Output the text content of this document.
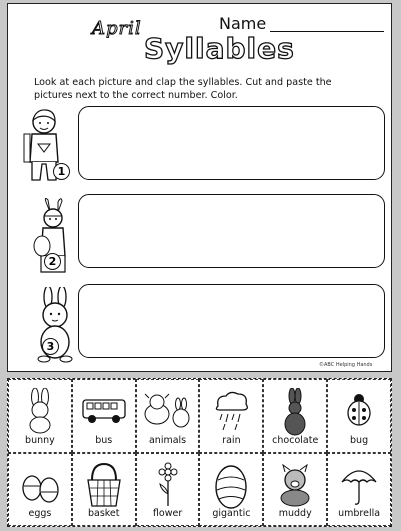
April
Syllables
Name
Look at each picture and clap the syllables. Cut and paste the pictures next to the correct number. Color.
1
2
3
©ABC Helping Hands
bunny	bus	animals	rain	chocolate	bug
eggs	basket	flower	gigantic	muddy	umbrella
